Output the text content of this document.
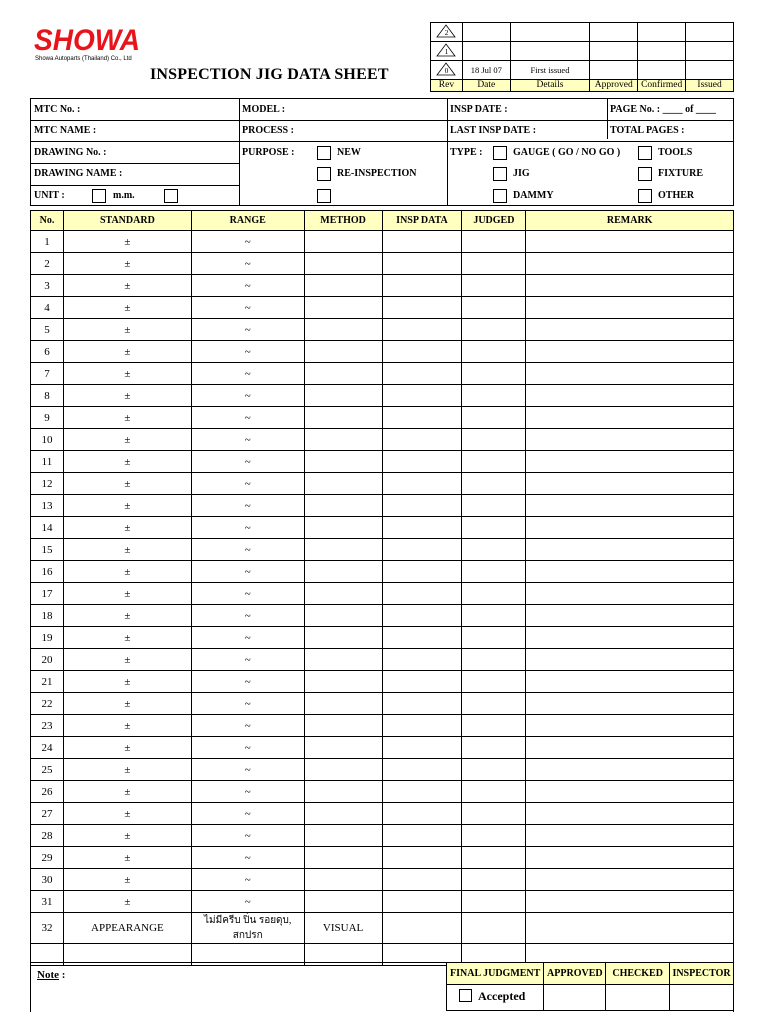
SHOWA
Showa Autoparts (Thailand) Co., Ltd
INSPECTION JIG DATA SHEET
2					

1					

0	18 Jul 07	First issued			
Rev	Date	Details	Approved	Confirmed	Issued
MTC No. :	MODEL :	INSP DATE :	PAGE No. : ____ of ____
MTC NAME :	PROCESS :	LAST INSP DATE :	TOTAL PAGES :
DRAWING No. :	PURPOSE :	NEW	TYPE :	GAUGE ( GO / NO GO )	TOOLS
DRAWING NAME :	RE-INSPECTION	JIG	FIXTURE
UNIT :	m.m.	DAMMY	OTHER
No.	STANDARD	RANGE	METHOD	INSP DATA	JUDGED	REMARK
1	±	~				
2	±	~				
3	±	~				
4	±	~				
5	±	~				
6	±	~				
7	±	~				
8	±	~				
9	±	~				
10	±	~				
11	±	~				
12	±	~				
13	±	~				
14	±	~				
15	±	~				
16	±	~				
17	±	~				
18	±	~				
19	±	~				
20	±	~				
21	±	~				
22	±	~				
23	±	~				
24	±	~				
25	±	~				
26	±	~				
27	±	~				
28	±	~				
29	±	~				
30	±	~				
31	±	~				
32	APPEARANGE	ไม่มีครีบ ปิ่น รอยดุบ, สกปรก	VISUAL			

Note :	FINAL JUDGMENT	APPROVED	CHECKED	INSPECTOR
Accepted			
